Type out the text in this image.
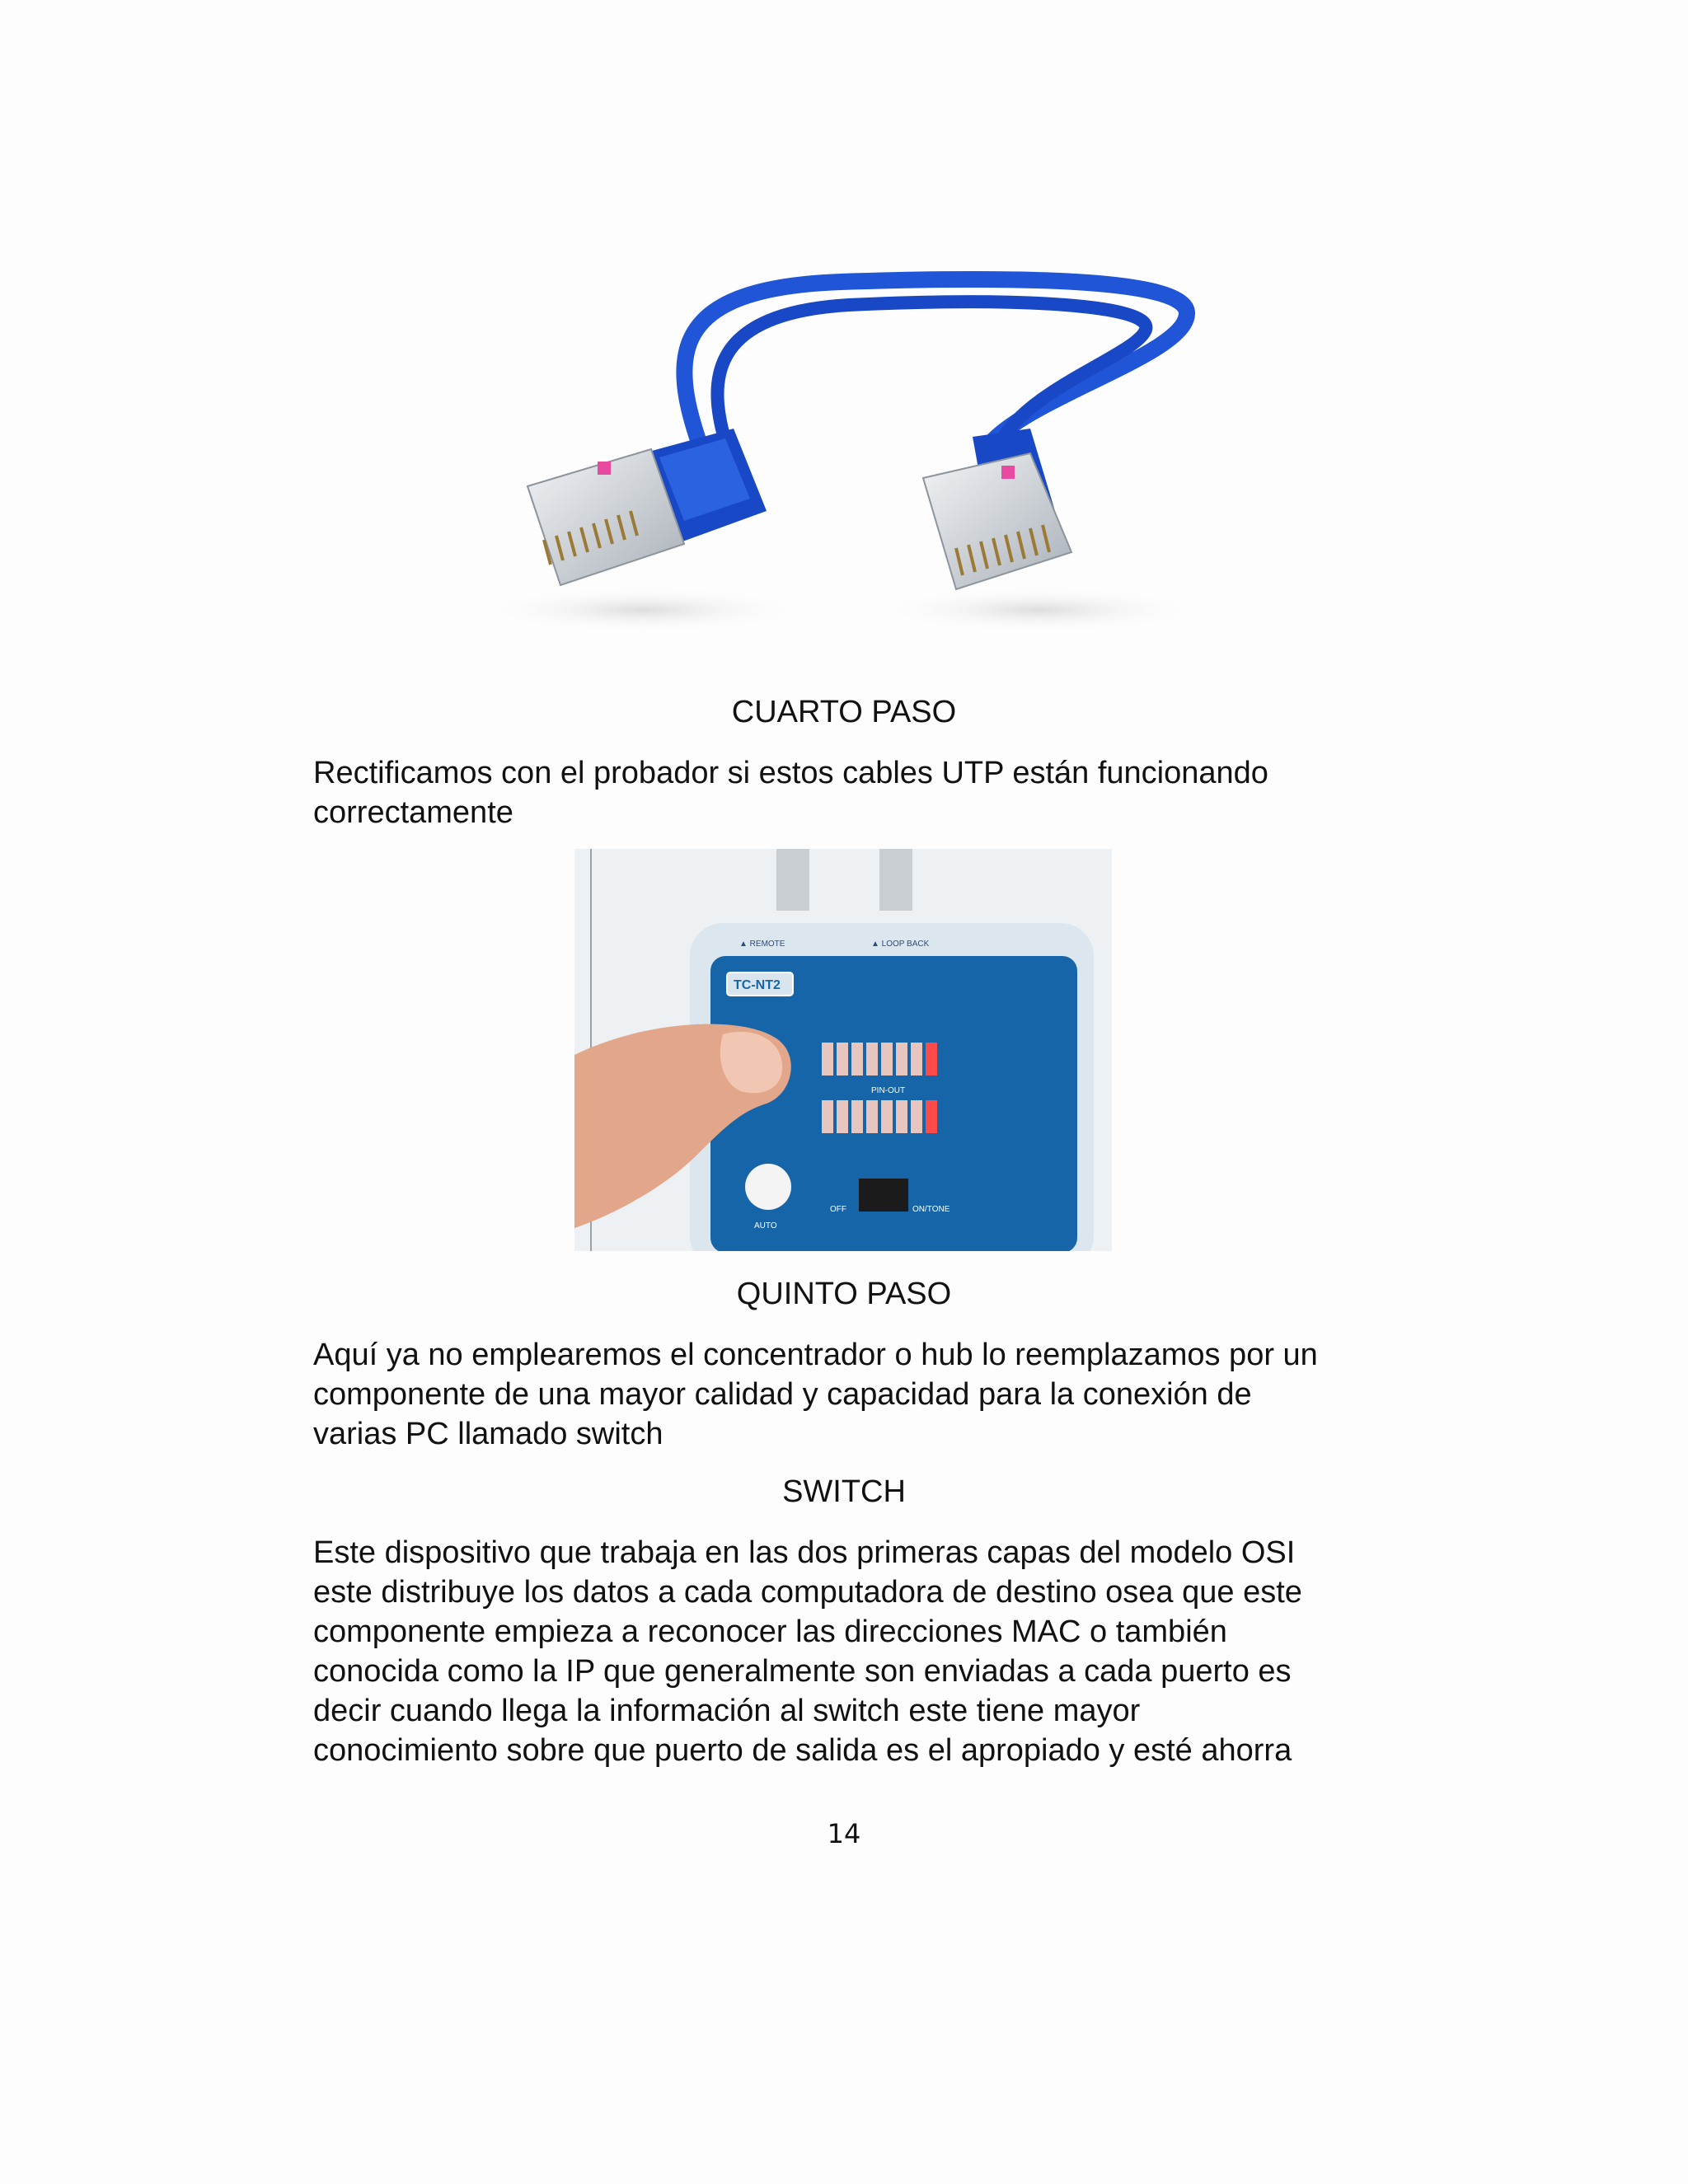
CUARTO PASO
Rectificamos con el probador si estos cables UTP están funcionando
correctamente
▲ REMOTE	▲ LOOP BACK
TC-NT2
PIN-OUT
OFF	ON/TONE
AUTO
QUINTO PASO
Aquí ya no emplearemos el concentrador o hub lo reemplazamos por un
componente de una mayor calidad y capacidad para la conexión de
varias PC llamado switch
SWITCH
Este dispositivo que trabaja en las dos primeras capas del modelo OSI
este distribuye los datos a cada computadora de destino osea que este
componente empieza a reconocer las direcciones MAC o también
conocida como la IP que generalmente son enviadas a cada puerto es
decir cuando llega la información al switch este tiene mayor
conocimiento sobre que puerto de salida es el apropiado y esté ahorra
14
